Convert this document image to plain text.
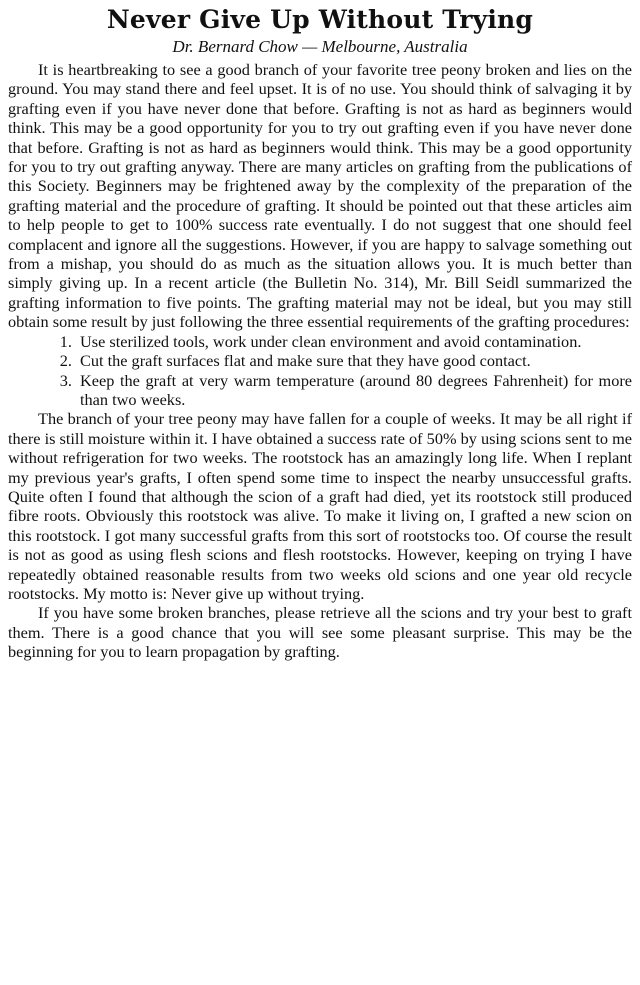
Never Give Up Without Trying
Dr. Bernard Chow — Melbourne, Australia

It is heartbreaking to see a good branch of your favorite tree peony broken and lies on the ground. You may stand there and feel upset. It is of no use. You should think of salvaging it by grafting even if you have never done that before. Grafting is not as hard as beginners would think. This may be a good opportunity for you to try out grafting even if you have never done that before. Grafting is not as hard as beginners would think. This may be a good opportunity for you to try out grafting anyway. There are many articles on grafting from the publications of this Society. Beginners may be frightened away by the complexity of the preparation of the grafting material and the procedure of grafting. It should be pointed out that these articles aim to help people to get to 100% success rate eventually. I do not suggest that one should feel complacent and ignore all the suggestions. However, if you are happy to salvage something out from a mishap, you should do as much as the situation allows you. It is much better than simply giving up. In a recent article (the Bulletin No. 314), Mr. Bill Seidl summarized the grafting information to five points. The grafting material may not be ideal, but you may still obtain some result by just following the three essential requirements of the grafting procedures:

1. Use sterilized tools, work under clean environment and avoid contamination.
2. Cut the graft surfaces flat and make sure that they have good contact.
3. Keep the graft at very warm temperature (around 80 degrees Fahrenheit) for more than two weeks.

The branch of your tree peony may have fallen for a couple of weeks. It may be all right if there is still moisture within it. I have obtained a success rate of 50% by using scions sent to me without refrigeration for two weeks. The rootstock has an amazingly long life. When I replant my previous year's grafts, I often spend some time to inspect the nearby unsuccessful grafts. Quite often I found that although the scion of a graft had died, yet its rootstock still produced fibre roots. Obviously this rootstock was alive. To make it living on, I grafted a new scion on this rootstock. I got many successful grafts from this sort of rootstocks too. Of course the result is not as good as using flesh scions and flesh rootstocks. However, keeping on trying I have repeatedly obtained reasonable results from two weeks old scions and one year old recycle rootstocks. My motto is: Never give up without trying.

If you have some broken branches, please retrieve all the scions and try your best to graft them. There is a good chance that you will see some pleasant surprise. This may be the beginning for you to learn propagation by grafting.
